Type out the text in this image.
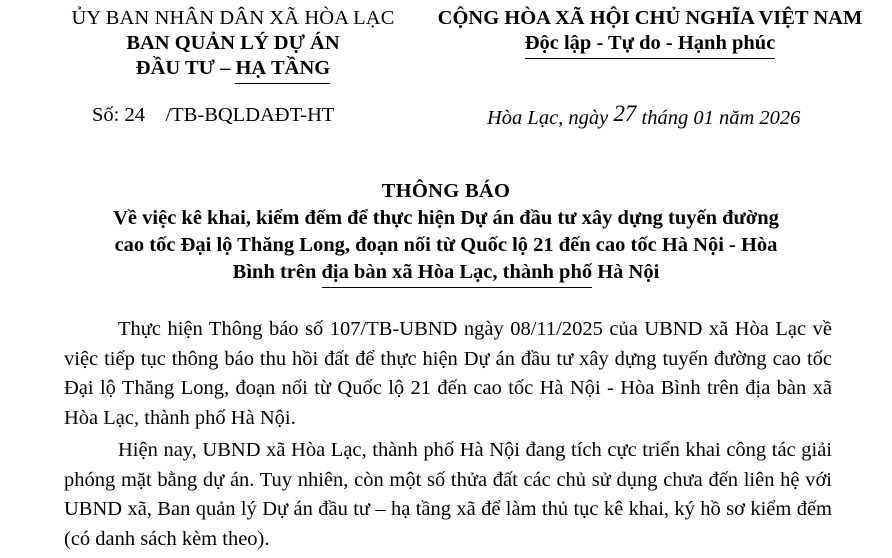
ỦY BAN NHÂN DÂN XÃ HÒA LẠC
BAN QUẢN LÝ DỰ ÁN
ĐẦU TƯ – HẠ TẦNG
CỘNG HÒA XÃ HỘI CHỦ NGHĨA VIỆT NAM
Độc lập - Tự do - Hạnh phúc
Số: 24    /TB-BQLDAĐT-HT	Hòa Lạc, ngày 27 tháng 01 năm 2026
THÔNG BÁO
Về việc kê khai, kiểm đếm để thực hiện Dự án đầu tư xây dựng tuyến đường
cao tốc Đại lộ Thăng Long, đoạn nối từ Quốc lộ 21 đến cao tốc Hà Nội - Hòa
Bình trên địa bàn xã Hòa Lạc, thành phố Hà Nội

Thực hiện Thông báo số 107/TB-UBND ngày 08/11/2025 của UBND xã Hòa Lạc về việc tiếp tục thông báo thu hồi đất để thực hiện Dự án đầu tư xây dựng tuyến đường cao tốc Đại lộ Thăng Long, đoạn nối từ Quốc lộ 21 đến cao tốc Hà Nội - Hòa Bình trên địa bàn xã Hòa Lạc, thành phố Hà Nội.

Hiện nay, UBND xã Hòa Lạc, thành phố Hà Nội đang tích cực triển khai công tác giải phóng mặt bằng dự án. Tuy nhiên, còn một số thửa đất các chủ sử dụng chưa đến liên hệ với UBND xã, Ban quản lý Dự án đầu tư – hạ tầng xã để làm thủ tục kê khai, ký hồ sơ kiểm đếm (có danh sách kèm theo).
